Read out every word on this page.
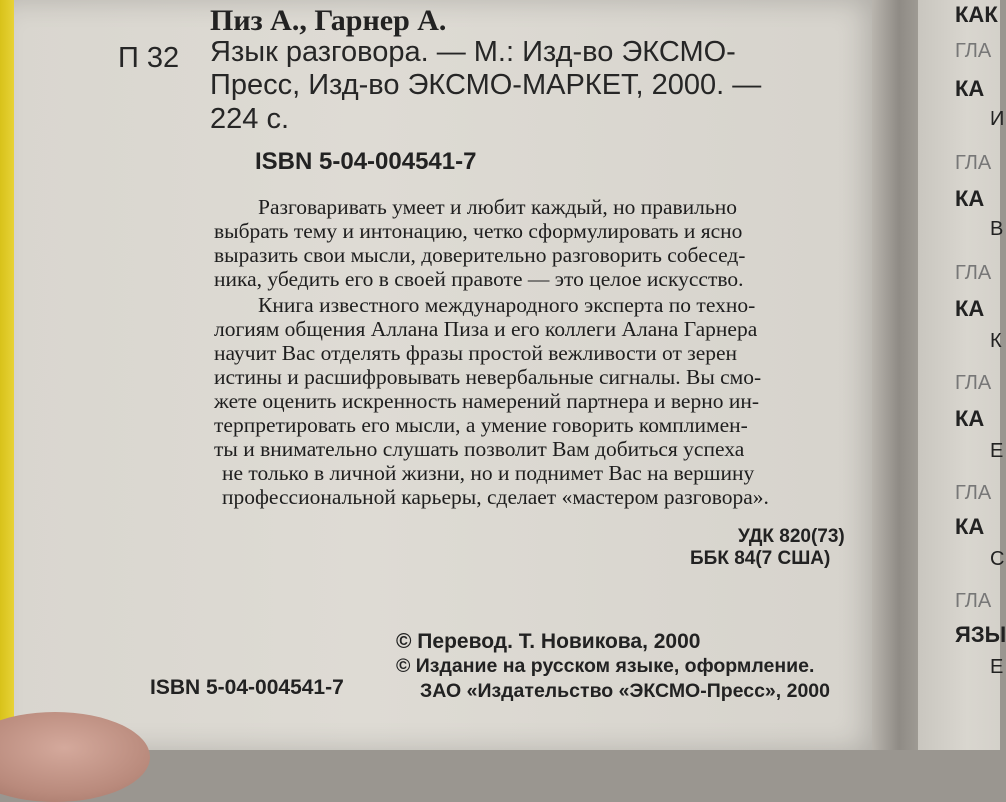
Пиз А., Гарнер А.
П 32 Язык разговора. — М.: Изд-во ЭКСМО-
Пресс, Изд-во ЭКСМО-МАРКЕТ, 2000. —
224 с.
ISBN 5-04-004541-7
Разговаривать умеет и любит каждый, но правильно
выбрать тему и интонацию, четко сформулировать и ясно
выразить свои мысли, доверительно разговорить собесед-
ника, убедить его в своей правоте — это целое искусство.
Книга известного международного эксперта по техно-
логиям общения Аллана Пиза и его коллеги Алана Гарнера
научит Вас отделять фразы простой вежливости от зерен
истины и расшифровывать невербальные сигналы. Вы смо-
жете оценить искренность намерений партнера и верно ин-
терпретировать его мысли, а умение говорить комплимен-
ты и внимательно слушать позволит Вам добиться успеха
не только в личной жизни, но и поднимет Вас на вершину
профессиональной карьеры, сделает «мастером разговора».
УДК 820(73)
ББК 84(7 США)
© Перевод. Т. Новикова, 2000
© Издание на русском языке, оформление.
ЗАО «Издательство «ЭКСМО-Пресс», 2000
ISBN 5-04-004541-7
КАК
ГЛА
КА
И
ГЛА
КА
В
ГЛА
КА
К
ГЛА
КА
Е
ГЛА
КА
С
ГЛА
ЯЗЫ
Е
